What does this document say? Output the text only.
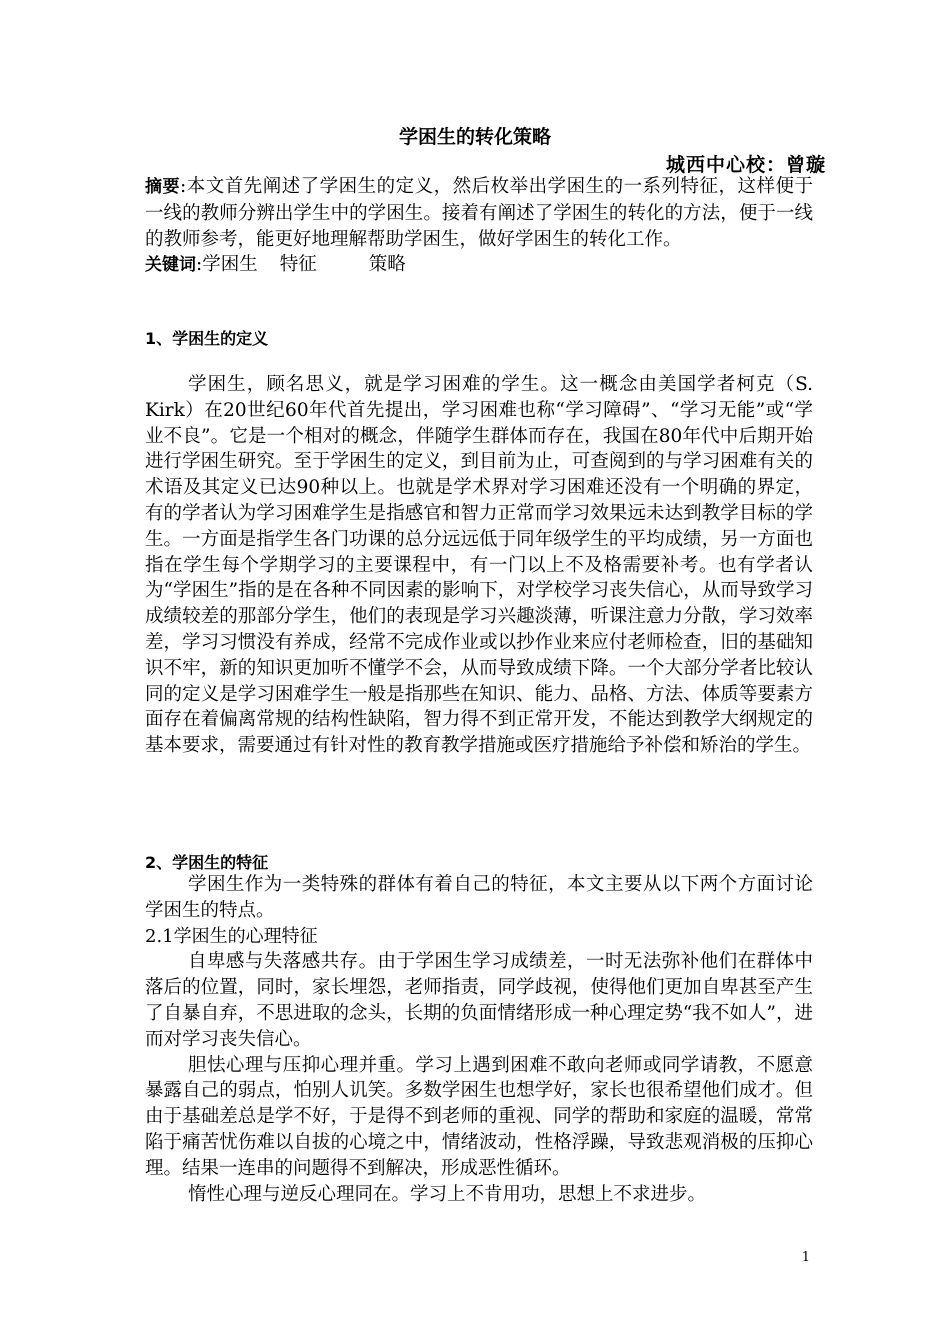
学困生的转化策略
城西中心校：曾璇

摘要:本文首先阐述了学困生的定义，然后枚举出学困生的一系列特征，这样便于一线的教师分辨出学生中的学困生。接着有阐述了学困生的转化的方法，便于一线的教师参考，能更好地理解帮助学困生，做好学困生的转化工作。

关键词:学困生 特征	策略

1、学困生的定义

学困生，顾名思义，就是学习困难的学生。这一概念由美国学者柯克（S. Kirk）在20世纪60年代首先提出，学习困难也称“学习障碍”、“学习无能”或“学业不良”。它是一个相对的概念，伴随学生群体而存在，我国在80年代中后期开始进行学困生研究。至于学困生的定义，到目前为止，可查阅到的与学习困难有关的术语及其定义已达90种以上。也就是学术界对学习困难还没有一个明确的界定，有的学者认为学习困难学生是指感官和智力正常而学习效果远未达到教学目标的学生。一方面是指学生各门功课的总分远远低于同年级学生的平均成绩，另一方面也指在学生每个学期学习的主要课程中，有一门以上不及格需要补考。也有学者认为“学困生”指的是在各种不同因素的影响下，对学校学习丧失信心，从而导致学习成绩较差的那部分学生，他们的表现是学习兴趣淡薄，听课注意力分散，学习效率差，学习习惯没有养成，经常不完成作业或以抄作业来应付老师检查，旧的基础知识不牢，新的知识更加听不懂学不会，从而导致成绩下降。一个大部分学者比较认同的定义是学习困难学生一般是指那些在知识、能力、品格、方法、体质等要素方面存在着偏离常规的结构性缺陷，智力得不到正常开发，不能达到教学大纲规定的基本要求，需要通过有针对性的教育教学措施或医疗措施给予补偿和矫治的学生。

2、学困生的特征

学困生作为一类特殊的群体有着自己的特征，本文主要从以下两个方面讨论学困生的特点。

2.1学困生的心理特征

自卑感与失落感共存。由于学困生学习成绩差，一时无法弥补他们在群体中落后的位置，同时，家长埋怨，老师指责，同学歧视，使得他们更加自卑甚至产生了自暴自弃，不思进取的念头，长期的负面情绪形成一种心理定势“我不如人”，进而对学习丧失信心。

胆怯心理与压抑心理并重。学习上遇到困难不敢向老师或同学请教，不愿意暴露自己的弱点，怕别人讥笑。多数学困生也想学好，家长也很希望他们成才。但由于基础差总是学不好，于是得不到老师的重视、同学的帮助和家庭的温暖，常常陷于痛苦忧伤难以自拔的心境之中，情绪波动，性格浮躁，导致悲观消极的压抑心理。结果一连串的问题得不到解决，形成恶性循环。

惰性心理与逆反心理同在。学习上不肯用功，思想上不求进步。

1
